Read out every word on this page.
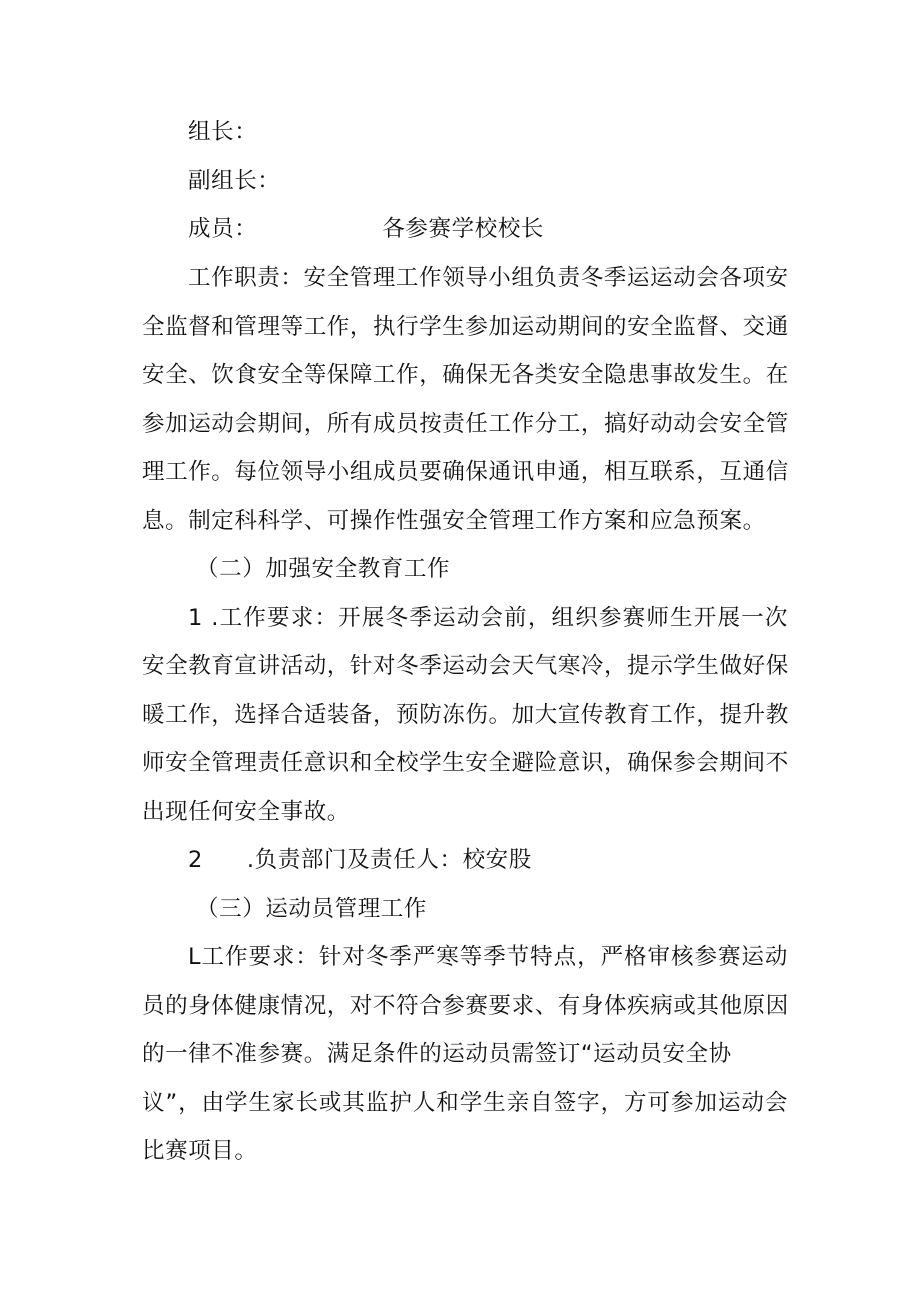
组长：
副组长：
成员：	各参赛学校校长
工作职责：安全管理工作领导小组负责冬季运运动会各项安
全监督和管理等工作，执行学生参加运动期间的安全监督、交通
安全、饮食安全等保障工作，确保无各类安全隐患事故发生。在
参加运动会期间，所有成员按责任工作分工，搞好动动会安全管
理工作。每位领导小组成员要确保通讯申通，相互联系，互通信
息。制定科科学、可操作性强安全管理工作方案和应急预案。
（二）加强安全教育工作
1 .工作要求：开展冬季运动会前，组织参赛师生开展一次
安全教育宣讲活动，针对冬季运动会天气寒冷，提示学生做好保
暖工作，选择合适装备，预防冻伤。加大宣传教育工作，提升教
师安全管理责任意识和全校学生安全避险意识，确保参会期间不
出现任何安全事故。
2 .负责部门及责任人：校安股
（三）运动员管理工作
L工作要求：针对冬季严寒等季节特点，严格审核参赛运动
员的身体健康情况，对不符合参赛要求、有身体疾病或其他原因
的一律不准参赛。满足条件的运动员需签订“运动员安全协
议”，由学生家长或其监护人和学生亲自签字，方可参加运动会
比赛项目。
